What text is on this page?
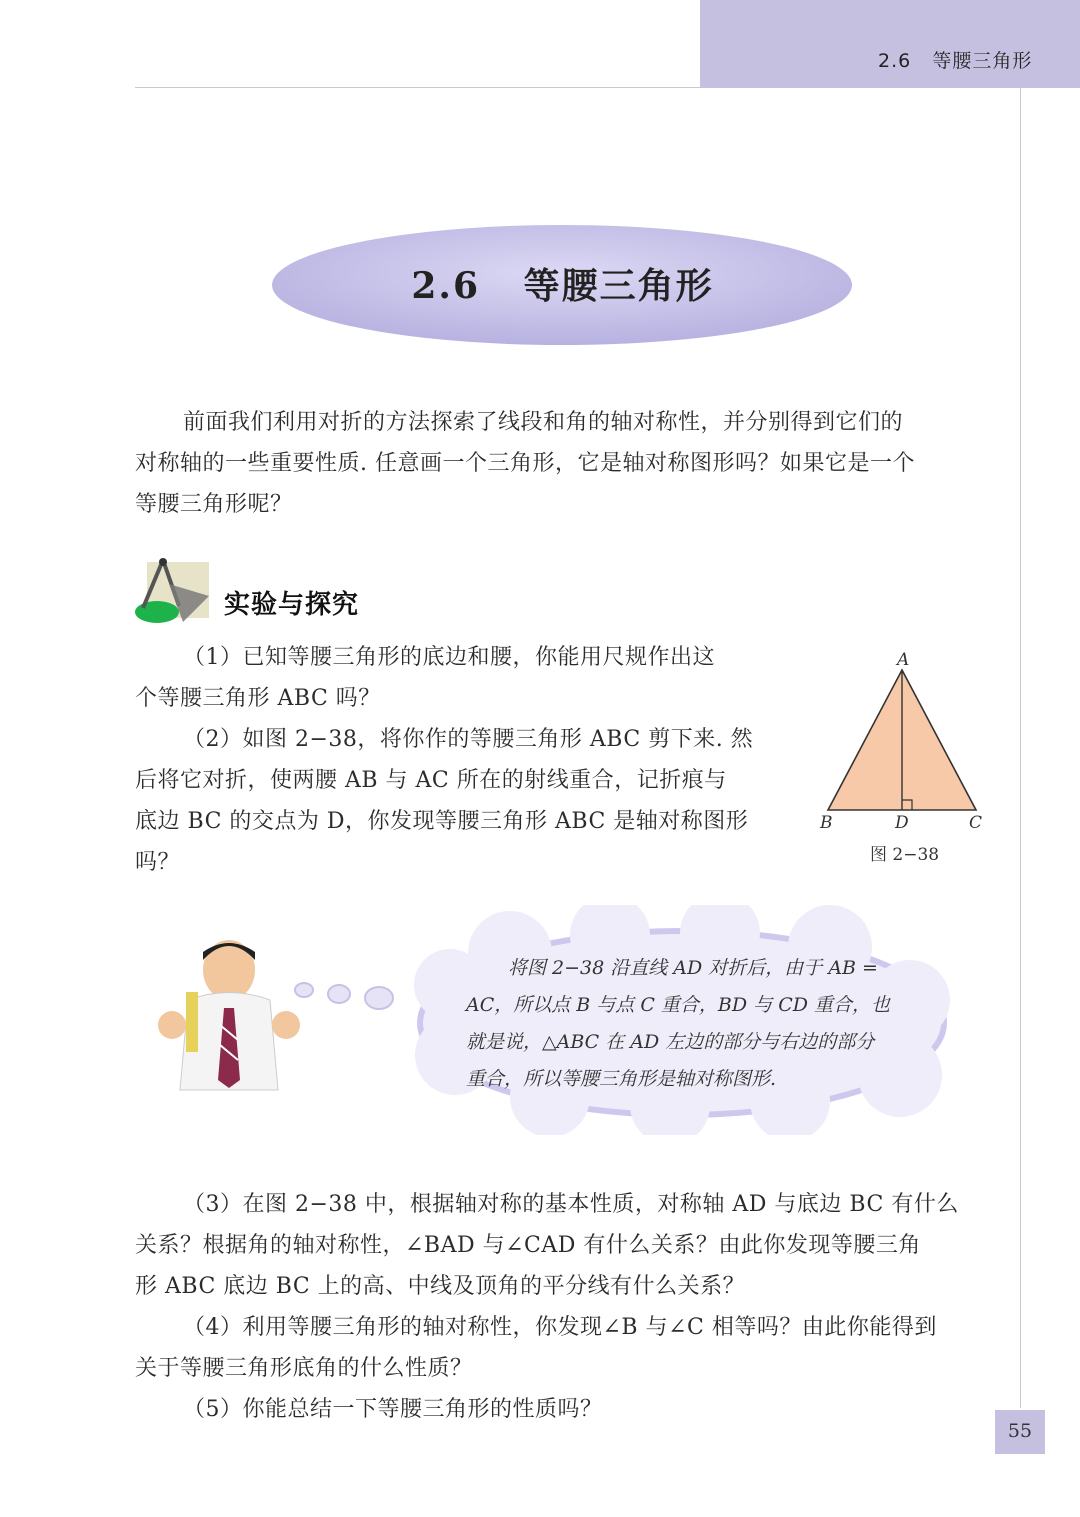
2.6   等腰三角形
2.6   等腰三角形
前面我们利用对折的方法探索了线段和角的轴对称性，并分别得到它们的
对称轴的一些重要性质. 任意画一个三角形，它是轴对称图形吗？如果它是一个
等腰三角形呢？
实验与探究
（1）已知等腰三角形的底边和腰，你能用尺规作出这
个等腰三角形 ABC 吗？
（2）如图 2−38，将你作的等腰三角形 ABC 剪下来. 然
后将它对折，使两腰 AB 与 AC 所在的射线重合，记折痕与
底边 BC 的交点为 D，你发现等腰三角形 ABC 是轴对称图形
吗？
A
B	D	C
图 2−38
将图 2−38 沿直线 AD 对折后，由于 AB =
AC，所以点 B 与点 C 重合，BD 与 CD 重合，也
就是说，△ABC 在 AD 左边的部分与右边的部分
重合，所以等腰三角形是轴对称图形.
（3）在图 2−38 中，根据轴对称的基本性质，对称轴 AD 与底边 BC 有什么
关系？根据角的轴对称性，∠BAD 与∠CAD 有什么关系？由此你发现等腰三角
形 ABC 底边 BC 上的高、中线及顶角的平分线有什么关系？
（4）利用等腰三角形的轴对称性，你发现∠B 与∠C 相等吗？由此你能得到
关于等腰三角形底角的什么性质？
（5）你能总结一下等腰三角形的性质吗？
55
